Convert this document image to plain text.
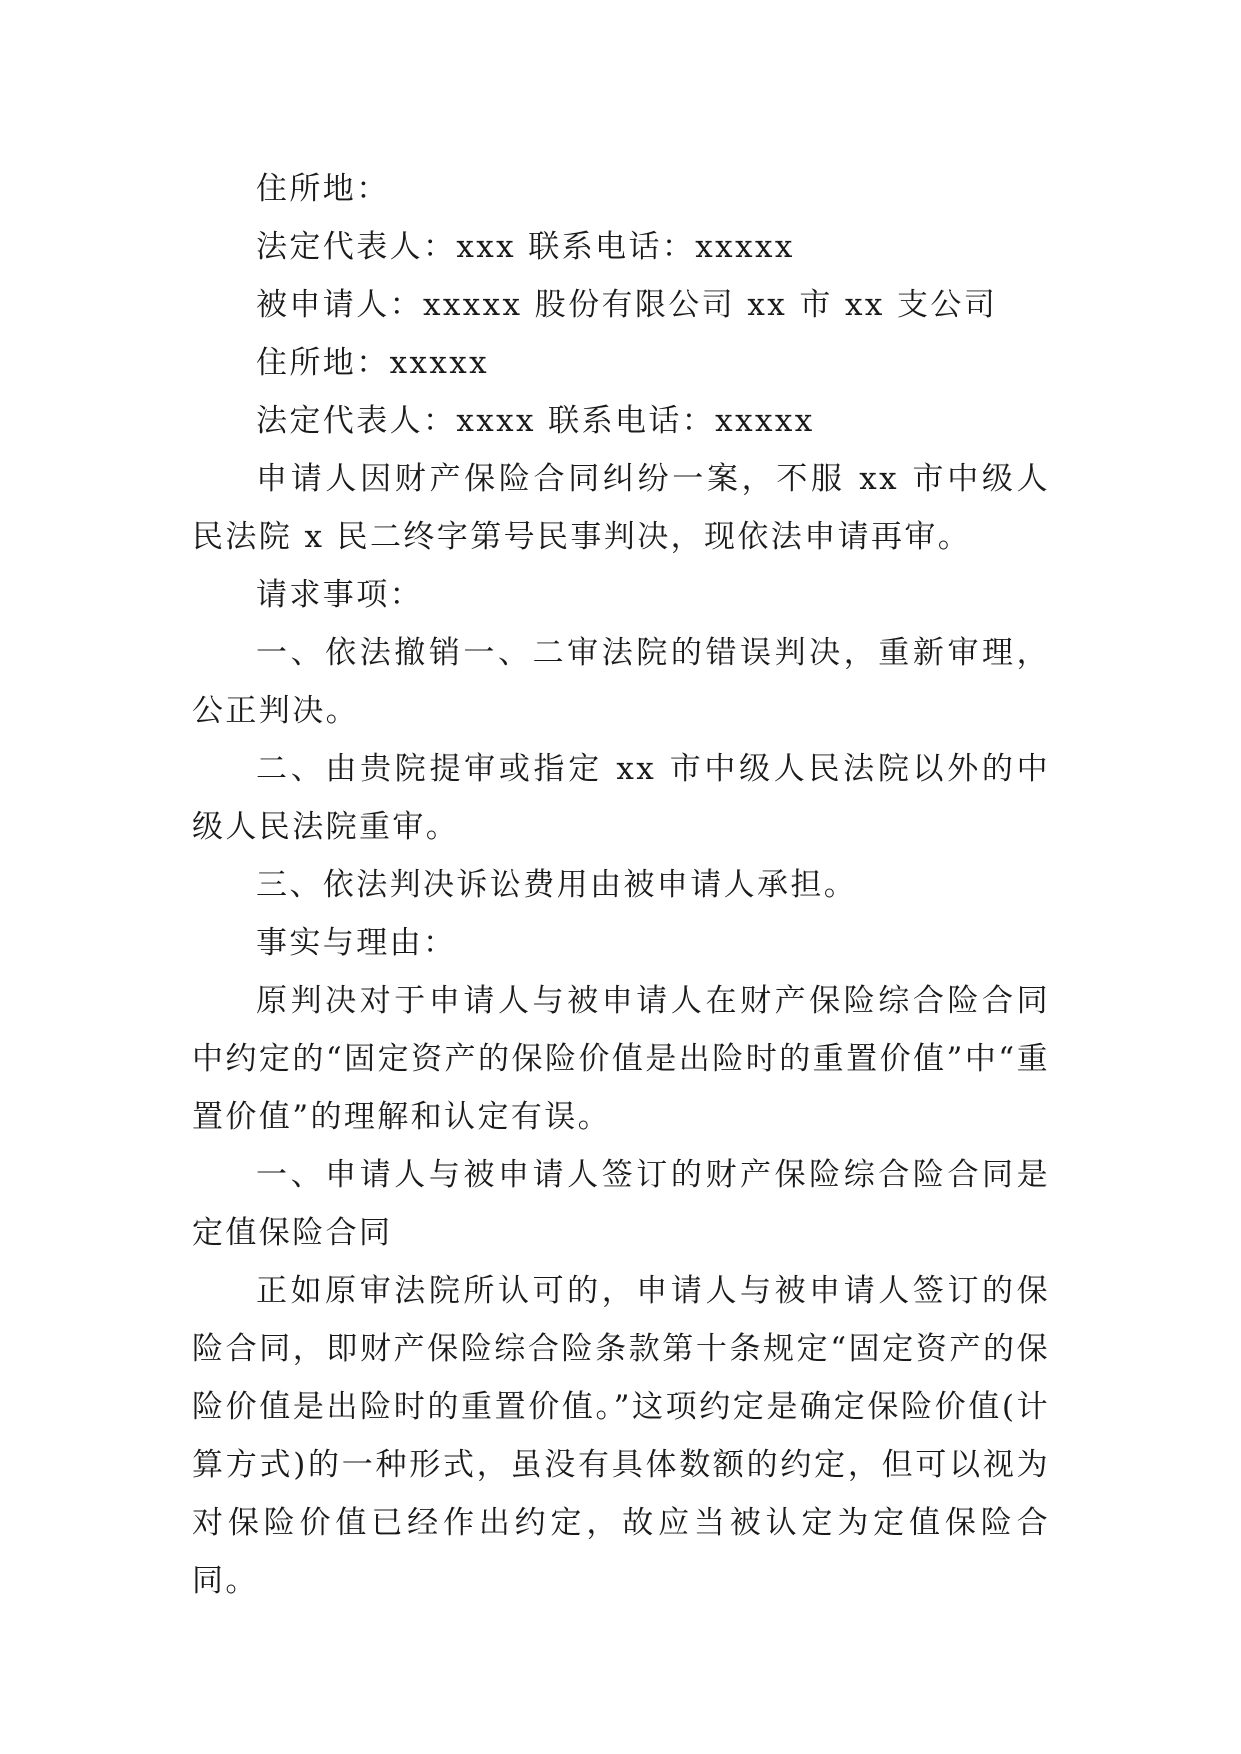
住所地：

法定代表人：xxx 联系电话：xxxxx

被申请人：xxxxx 股份有限公司 xx 市 xx 支公司

住所地：xxxxx

法定代表人：xxxx 联系电话：xxxxx

申请人因财产保险合同纠纷一案，不服 xx 市中级人民法院 x 民二终字第号民事判决，现依法申请再审。

请求事项：

一、依法撤销一、二审法院的错误判决，重新审理，公正判决。

二、由贵院提审或指定 xx 市中级人民法院以外的中级人民法院重审。

三、依法判决诉讼费用由被申请人承担。

事实与理由：

原判决对于申请人与被申请人在财产保险综合险合同中约定的“固定资产的保险价值是出险时的重置价值”中“重置价值”的理解和认定有误。

一、申请人与被申请人签订的财产保险综合险合同是定值保险合同

正如原审法院所认可的，申请人与被申请人签订的保险合同，即财产保险综合险条款第十条规定“固定资产的保险价值是出险时的重置价值。”这项约定是确定保险价值(计算方式)的一种形式，虽没有具体数额的约定，但可以视为对保险价值已经作出约定，故应当被认定为定值保险合同。
